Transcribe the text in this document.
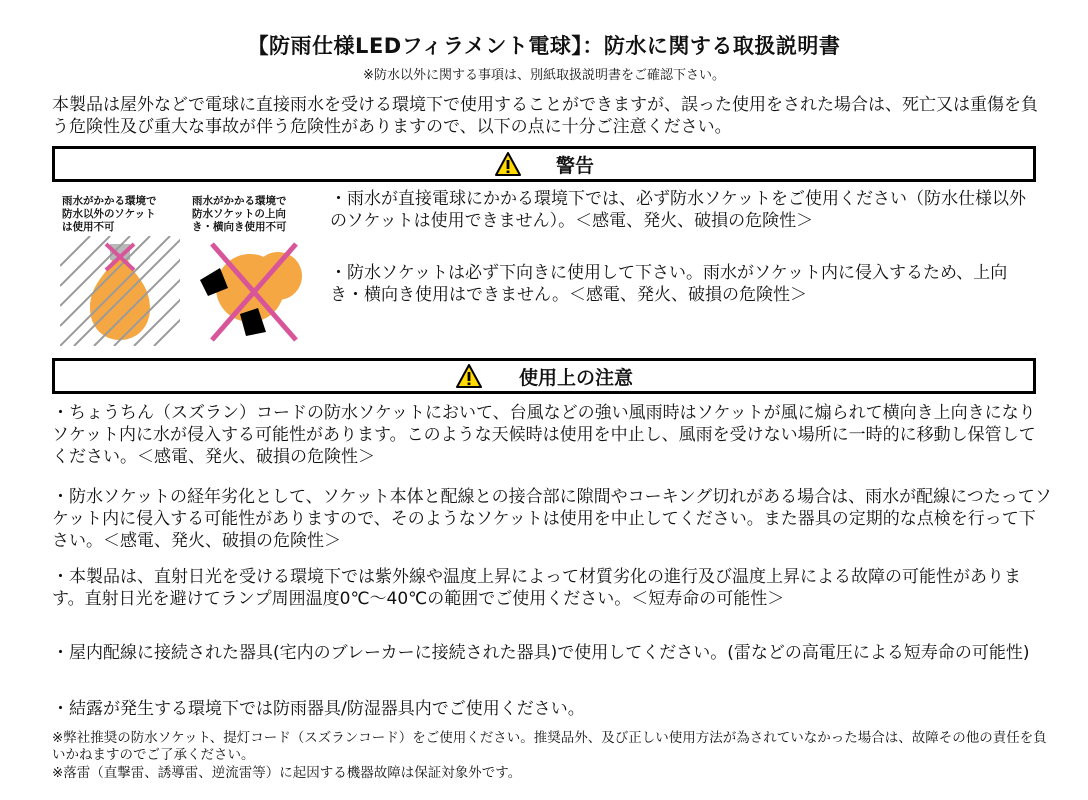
【防雨仕様LEDフィラメント電球】：防水に関する取扱説明書
※防水以外に関する事項は、別紙取扱説明書をご確認下さい。
本製品は屋外などで電球に直接雨水を受ける環境下で使用することができますが、誤った使用をされた場合は、死亡又は重傷を負う危険性及び重大な事故が伴う危険性がありますので、以下の点に十分ご注意ください。
警告
雨水がかかる環境で
防水以外のソケット
は使用不可
雨水がかかる環境で
防水ソケットの上向
き・横向き使用不可
・雨水が直接電球にかかる環境下では、必ず防水ソケットをご使用ください（防水仕様以外のソケットは使用できません）。＜感電、発火、破損の危険性＞
・防水ソケットは必ず下向きに使用して下さい。雨水がソケット内に侵入するため、上向き・横向き使用はできません。＜感電、発火、破損の危険性＞
使用上の注意
・ちょうちん（スズラン）コードの防水ソケットにおいて、台風などの強い風雨時はソケットが風に煽られて横向き上向きになりソケット内に水が侵入する可能性があります。このような天候時は使用を中止し、風雨を受けない場所に一時的に移動し保管してください。＜感電、発火、破損の危険性＞
・防水ソケットの経年劣化として、ソケット本体と配線との接合部に隙間やコーキング切れがある場合は、雨水が配線につたってソケット内に侵入する可能性がありますので、そのようなソケットは使用を中止してください。また器具の定期的な点検を行って下さい。＜感電、発火、破損の危険性＞
・本製品は、直射日光を受ける環境下では紫外線や温度上昇によって材質劣化の進行及び温度上昇による故障の可能性があります。直射日光を避けてランプ周囲温度0℃～40℃の範囲でご使用ください。＜短寿命の可能性＞
・屋内配線に接続された器具(宅内のブレーカーに接続された器具)で使用してください。(雷などの高電圧による短寿命の可能性)
・結露が発生する環境下では防雨器具/防湿器具内でご使用ください。
※弊社推奨の防水ソケット、提灯コード（スズランコード）をご使用ください。推奨品外、及び正しい使用方法が為されていなかった場合は、故障その他の責任を負いかねますのでご了承ください。
※落雷（直撃雷、誘導雷、逆流雷等）に起因する機器故障は保証対象外です。
